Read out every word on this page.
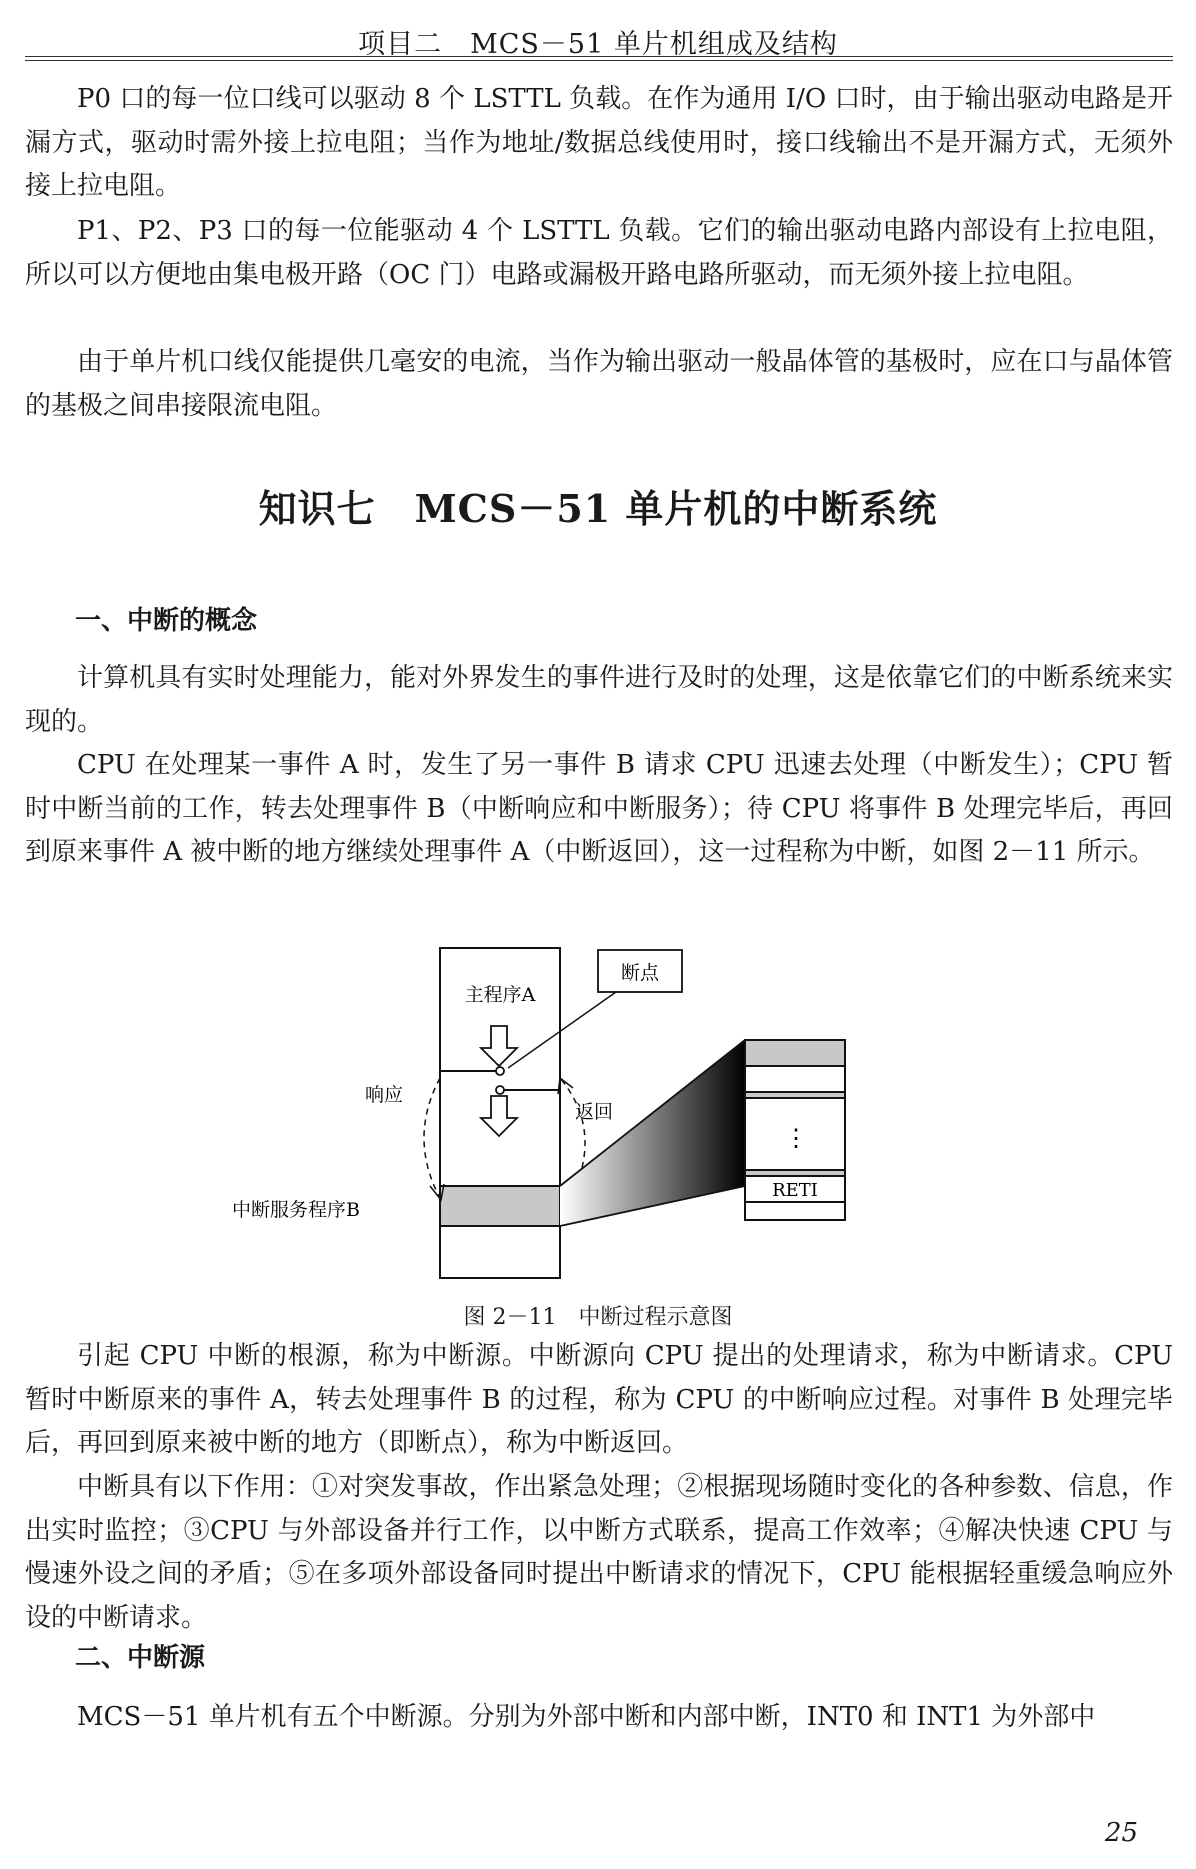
项目二　MCS－51 单片机组成及结构

P0 口的每一位口线可以驱动 8 个 LSTTL 负载。在作为通用 I/O 口时，由于输出驱动电路是开漏方式，驱动时需外接上拉电阻；当作为地址/数据总线使用时，接口线输出不是开漏方式，无须外接上拉电阻。

P1、P2、P3 口的每一位能驱动 4 个 LSTTL 负载。它们的输出驱动电路内部设有上拉电阻，所以可以方便地由集电极开路（OC 门）电路或漏极开路电路所驱动，而无须外接上拉电阻。

由于单片机口线仅能提供几毫安的电流，当作为输出驱动一般晶体管的基极时，应在口与晶体管的基极之间串接限流电阻。

知识七　MCS－51 单片机的中断系统
一、中断的概念

计算机具有实时处理能力，能对外界发生的事件进行及时的处理，这是依靠它们的中断系统来实现的。

CPU 在处理某一事件 A 时，发生了另一事件 B 请求 CPU 迅速去处理（中断发生）；CPU 暂时中断当前的工作，转去处理事件 B（中断响应和中断服务）；待 CPU 将事件 B 处理完毕后，再回到原来事件 A 被中断的地方继续处理事件 A（中断返回），这一过程称为中断，如图 2－11 所示。

主程序A
断点
响应
返回
中断服务程序B
⋮
RETI
图 2－11　中断过程示意图

引起 CPU 中断的根源，称为中断源。中断源向 CPU 提出的处理请求，称为中断请求。CPU 暂时中断原来的事件 A，转去处理事件 B 的过程，称为 CPU 的中断响应过程。对事件 B 处理完毕后，再回到原来被中断的地方（即断点），称为中断返回。

中断具有以下作用：①对突发事故，作出紧急处理；②根据现场随时变化的各种参数、信息，作出实时监控；③CPU 与外部设备并行工作，以中断方式联系，提高工作效率；④解决快速 CPU 与慢速外设之间的矛盾；⑤在多项外部设备同时提出中断请求的情况下，CPU 能根据轻重缓急响应外设的中断请求。

二、中断源

MCS－51 单片机有五个中断源。分别为外部中断和内部中断，INT0 和 INT1 为外部中

25
